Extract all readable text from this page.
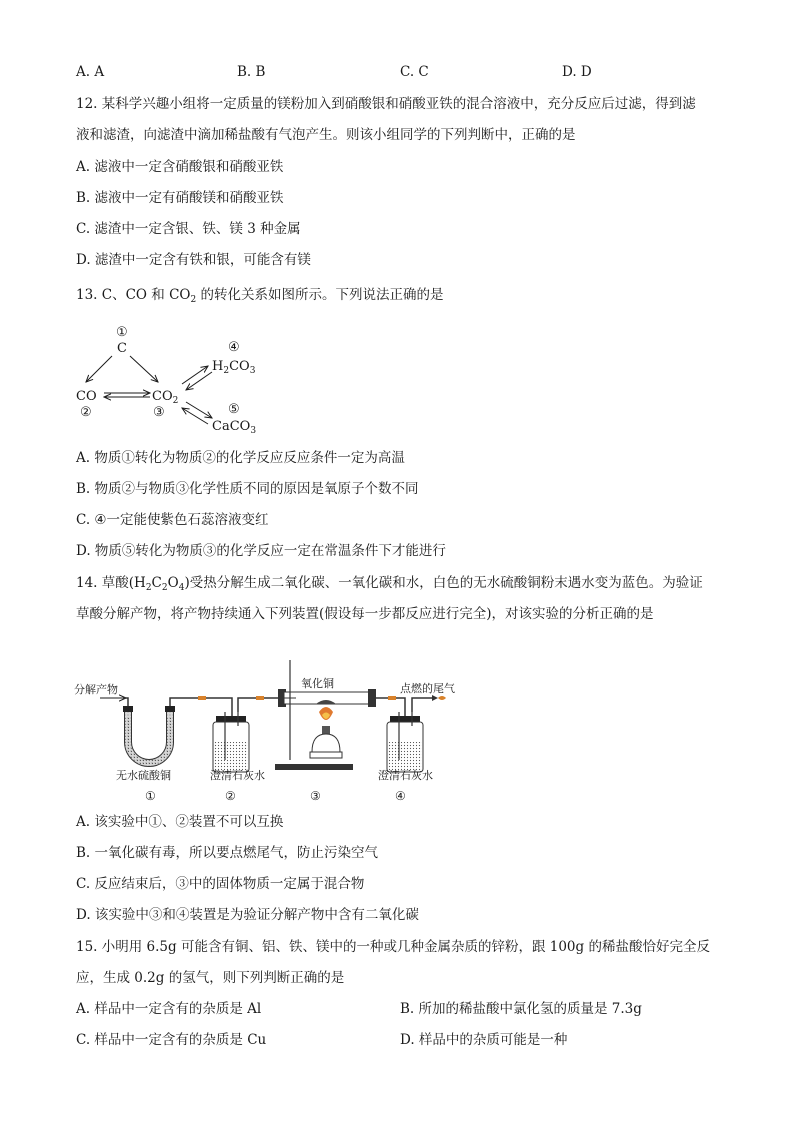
A. A	B. B	C. C	D. D
12. 某科学兴趣小组将一定质量的镁粉加入到硝酸银和硝酸亚铁的混合溶液中，充分反应后过滤，得到滤
液和滤渣，向滤渣中滴加稀盐酸有气泡产生。则该小组同学的下列判断中，正确的是
A. 滤液中一定含硝酸银和硝酸亚铁
B. 滤液中一定有硝酸镁和硝酸亚铁
C. 滤渣中一定含银、铁、镁 3 种金属
D. 滤渣中一定含有铁和银，可能含有镁
13. C、CO 和 $CO_2$ 的转化关系如图所示。下列说法正确的是
①
C
CO
②
$CO_2$
③
④
$H_2CO_3$
⑤
CaCO$_3$
A. 物质①转化为物质②的化学反应反应条件一定为高温
B. 物质②与物质③化学性质不同的原因是氧原子个数不同
C. ④一定能使紫色石蕊溶液变红
D. 物质⑤转化为物质③的化学反应一定在常温条件下才能进行
14. 草酸$(H_2C_2O_4)$受热分解生成二氧化碳、一氧化碳和水，白色的无水硫酸铜粉末遇水变为蓝色。为验证
草酸分解产物，将产物持续通入下列装置(假设每一步都反应进行完全)，对该实验的分析正确的是
分解产物	氧化铜	点燃的尾气
无水硫酸铜	澄清石灰水	澄清石灰水
①	②	③	④
A. 该实验中①、②装置不可以互换
B. 一氧化碳有毒，所以要点燃尾气，防止污染空气
C. 反应结束后，③中的固体物质一定属于混合物
D. 该实验中③和④装置是为验证分解产物中含有二氧化碳
15. 小明用 6.5g 可能含有铜、铝、铁、镁中的一种或几种金属杂质的锌粉，跟 100g 的稀盐酸恰好完全反
应，生成 0.2g 的氢气，则下列判断正确的是
A. 样品中一定含有的杂质是 Al	B. 所加的稀盐酸中氯化氢的质量是 7.3g
C. 样品中一定含有的杂质是 Cu	D. 样品中的杂质可能是一种
